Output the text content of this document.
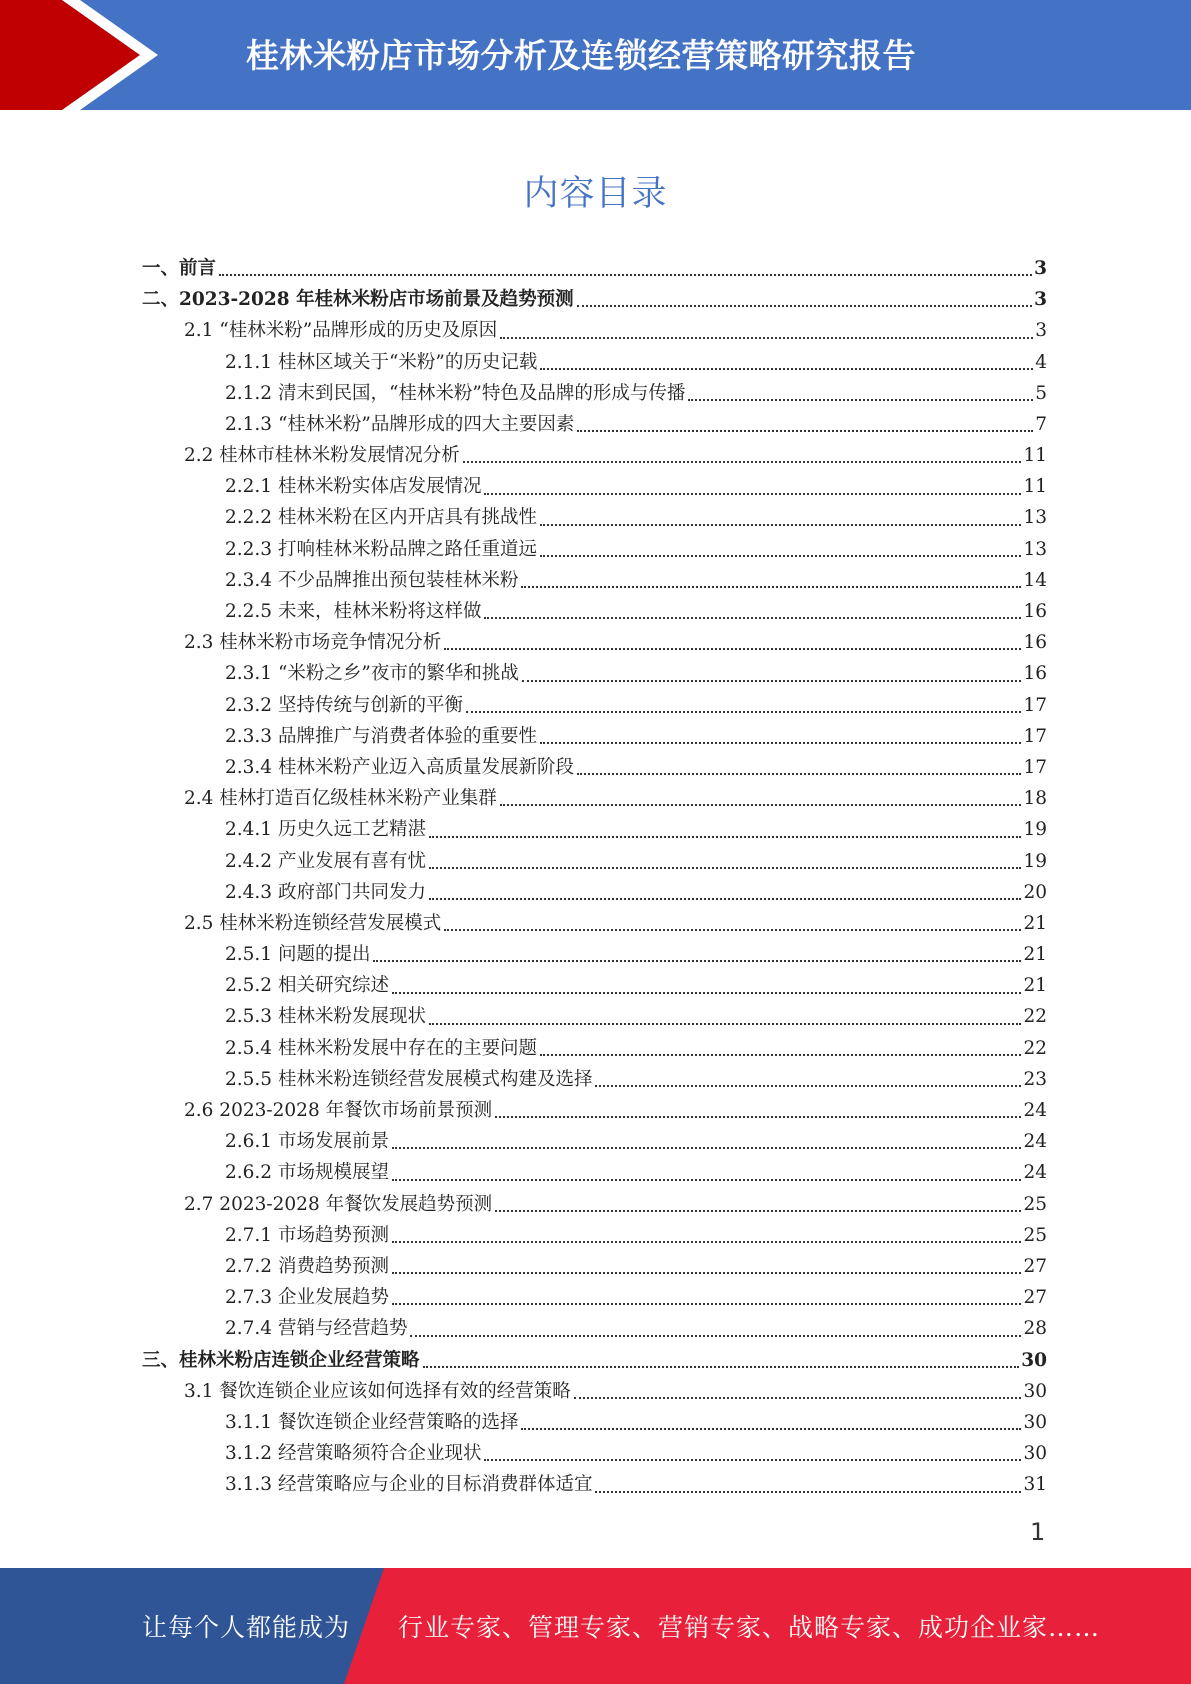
桂林米粉店市场分析及连锁经营策略研究报告
内容目录
一、前言	3
二、2023-2028 年桂林米粉店市场前景及趋势预测	3
2.1 “桂林米粉”品牌形成的历史及原因	3
2.1.1 桂林区域关于“米粉”的历史记载	4
2.1.2 清末到民国，“桂林米粉”特色及品牌的形成与传播	5
2.1.3 “桂林米粉”品牌形成的四大主要因素	7
2.2 桂林市桂林米粉发展情况分析	11
2.2.1 桂林米粉实体店发展情况	11
2.2.2 桂林米粉在区内开店具有挑战性	13
2.2.3 打响桂林米粉品牌之路任重道远	13
2.3.4 不少品牌推出预包装桂林米粉	14
2.2.5 未来，桂林米粉将这样做	16
2.3 桂林米粉市场竞争情况分析	16
2.3.1 “米粉之乡”夜市的繁华和挑战	16
2.3.2 坚持传统与创新的平衡	17
2.3.3 品牌推广与消费者体验的重要性	17
2.3.4 桂林米粉产业迈入高质量发展新阶段	17
2.4 桂林打造百亿级桂林米粉产业集群	18
2.4.1 历史久远工艺精湛	19
2.4.2 产业发展有喜有忧	19
2.4.3 政府部门共同发力	20
2.5 桂林米粉连锁经营发展模式	21
2.5.1 问题的提出	21
2.5.2 相关研究综述	21
2.5.3 桂林米粉发展现状	22
2.5.4 桂林米粉发展中存在的主要问题	22
2.5.5 桂林米粉连锁经营发展模式构建及选择	23
2.6 2023-2028 年餐饮市场前景预测	24
2.6.1 市场发展前景	24
2.6.2 市场规模展望	24
2.7 2023-2028 年餐饮发展趋势预测	25
2.7.1 市场趋势预测	25
2.7.2 消费趋势预测	27
2.7.3 企业发展趋势	27
2.7.4 营销与经营趋势	28
三、桂林米粉店连锁企业经营策略	30
3.1 餐饮连锁企业应该如何选择有效的经营策略	30
3.1.1 餐饮连锁企业经营策略的选择	30
3.1.2 经营策略须符合企业现状	30
3.1.3 经营策略应与企业的目标消费群体适宜	31
1
让每个人都能成为 行业专家、管理专家、营销专家、战略专家、成功企业家……
